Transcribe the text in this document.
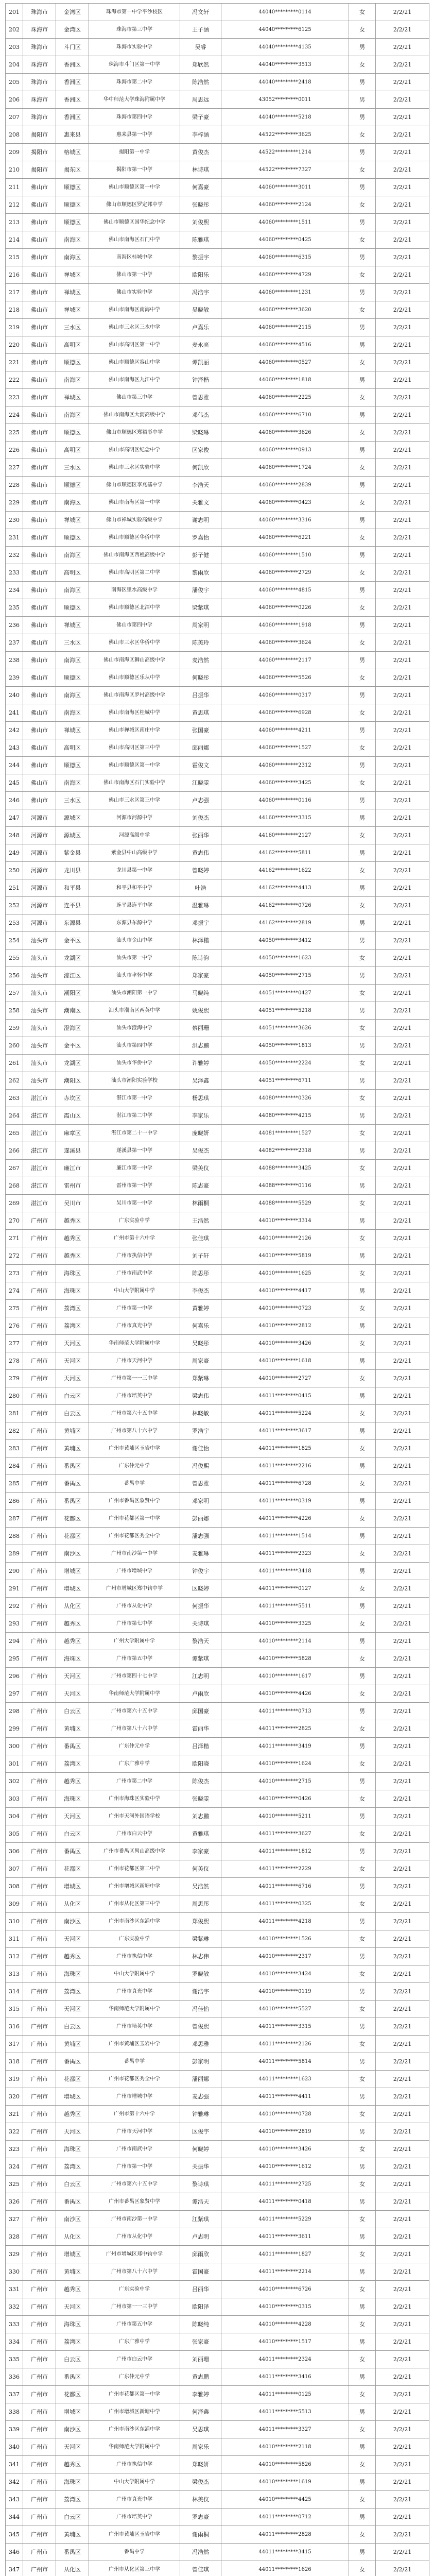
201	珠海市	金湾区	珠海市第一中学平沙校区	冯文轩	44040*********0114	女	2/2/21
202	珠海市	金湾区	珠海市第三中学	王子涵	44040*********6125	女	2/2/21
203	珠海市	斗门区	珠海市实验中学	吴睿	44040*********4135	男	2/2/21
204	珠海市	香洲区	珠海市斗门区第一中学	郑欣然	44040*********3513	女	2/2/21
205	珠海市	香洲区	珠海市第二中学	陈浩然	44040*********2418	男	2/2/21
206	珠海市	香洲区	华中师范大学珠海附属中学	周思远	43052*********0011	男	2/2/21
207	珠海市	香洲区	珠海市第四中学	梁子豪	44040*********5218	男	2/2/21
208	揭阳市	惠来县	惠来县第一中学	李梓涵	44522*********3625	女	2/2/21
209	揭阳市	榕城区	揭阳第一中学	黄俊杰	44522*********1214	男	2/2/21
210	揭阳市	揭东区	揭阳市第一中学	林诗琪	44522*********7327	女	2/2/21
211	佛山市	顺德区	佛山市顺德区第一中学	何嘉豪	44060*********3011	男	2/2/21
212	佛山市	顺德区	佛山市顺德区罗定邦中学	张晓彤	44060*********2124	女	2/2/21
213	佛山市	顺德区	佛山市顺德区国华纪念中学	刘俊熙	44060*********1511	男	2/2/21
214	佛山市	南海区	佛山市南海区石门中学	陈雅琪	44060*********0425	女	2/2/21
215	佛山市	南海区	南海区桂城中学	黎振宇	44060*********6315	男	2/2/21
216	佛山市	禅城区	佛山市第一中学	欧阳乐	44060*********4729	女	2/2/21
217	佛山市	禅城区	佛山市实验中学	冯浩宇	44060*********1231	男	2/2/21
218	佛山市	禅城区	佛山市南海区南海中学	吴晓敏	44060*********3620	女	2/2/21
219	佛山市	三水区	佛山市三水区三水中学	卢嘉乐	44060*********2115	男	2/2/21
220	佛山市	高明区	佛山市高明区第一中学	麦永亮	44060*********4516	男	2/2/21
221	佛山市	顺德区	佛山市顺德区容山中学	谭凯丽	44060*********0527	女	2/2/21
222	佛山市	南海区	佛山市南海区九江中学	钟泽楷	44060*********1818	男	2/2/21
223	佛山市	禅城区	佛山市第三中学	曾思雅	44060*********2225	女	2/2/21
224	佛山市	南海区	佛山市南海区大沥高级中学	邓伟杰	44060*********6710	男	2/2/21
225	佛山市	顺德区	佛山市顺德区郑裕彤中学	梁晓琳	44060*********3626	女	2/2/21
226	佛山市	高明区	佛山市高明区纪念中学	区家俊	44060*********0913	男	2/2/21
227	佛山市	三水区	佛山市三水区实验中学	何凯欣	44060*********1724	女	2/2/21
228	佛山市	顺德区	佛山市顺德区李兆基中学	李浩天	44060*********2839	男	2/2/21
229	佛山市	南海区	佛山市南海区第一中学	关雅文	44060*********0423	女	2/2/21
230	佛山市	禅城区	佛山市禅城实验高级中学	谢志明	44060*********3316	男	2/2/21
231	佛山市	顺德区	佛山市顺德区华侨中学	罗嘉怡	44060*********6221	女	2/2/21
232	佛山市	南海区	佛山市南海区西樵高级中学	彭子健	44060*********1510	男	2/2/21
233	佛山市	高明区	佛山市高明区第二中学	黎雨欣	44060*********2729	女	2/2/21
234	佛山市	南海区	南海区里水高级中学	潘俊宇	44060*********4815	男	2/2/21
235	佛山市	顺德区	佛山市顺德区北滘中学	梁紫琪	44060*********0226	女	2/2/21
236	佛山市	禅城区	佛山市第四中学	周家明	44060*********1918	男	2/2/21
237	佛山市	三水区	佛山市三水区华侨中学	陈美玲	44060*********3624	女	2/2/21
238	佛山市	南海区	佛山市南海区狮山高级中学	麦浩然	44060*********2117	男	2/2/21
239	佛山市	顺德区	佛山市顺德区乐从中学	何晓彤	44060*********5526	女	2/2/21
240	佛山市	南海区	佛山市南海区罗村高级中学	吕振华	44060*********0317	男	2/2/21
241	佛山市	南海区	佛山市南海区桂城中学	黄思琪	44060*********6928	女	2/2/21
242	佛山市	禅城区	佛山市禅城区南庄中学	张国豪	44060*********4211	男	2/2/21
243	佛山市	高明区	佛山市高明区第三中学	邱丽娜	44060*********1527	女	2/2/21
244	佛山市	顺德区	佛山市顺德区第一中学	霍俊文	44060*********2312	男	2/2/21
245	佛山市	南海区	佛山市南海区石门实验中学	江晓雯	44060*********3425	女	2/2/21
246	佛山市	三水区	佛山市三水区第三中学	卢志强	44060*********0116	男	2/2/21
247	河源市	源城区	河源市河源中学	刘俊杰	44160*********3315	男	2/2/21
248	河源市	源城区	河源高级中学	张丽华	44160*********2127	女	2/2/21
249	河源市	紫金县	紫金县中山高级中学	黄志伟	44162*********5811	男	2/2/21
250	河源市	龙川县	龙川县第一中学	曾晓婷	44162*********1622	女	2/2/21
251	河源市	和平县	和平县和平中学	叶浩	44162*********4413	男	2/2/21
252	河源市	连平县	连平县连平中学	温雅琳	44162*********0726	女	2/2/21
253	河源市	东源县	东源县东源中学	邓振宇	44162*********2819	男	2/2/21
254	汕头市	金平区	汕头市金山中学	林泽楷	44050*********3412	男	2/2/21
255	汕头市	龙湖区	汕头市第一中学	陈诗韵	44050*********1623	女	2/2/21
256	汕头市	濠江区	汕头市聿怀中学	郑家豪	44050*********2715	男	2/2/21
257	汕头市	潮阳区	汕头市潮阳第一中学	马晓纯	44051*********0427	女	2/2/21
258	汕头市	潮南区	汕头市潮南区两英中学	姚俊熙	44051*********5218	男	2/2/21
259	汕头市	澄海区	汕头市澄海中学	蔡丽珊	44051*********3626	女	2/2/21
260	汕头市	金平区	汕头市第四中学	洪志鹏	44050*********1813	男	2/2/21
261	汕头市	龙湖区	汕头市华侨中学	许雅婷	44050*********2224	女	2/2/21
262	汕头市	潮阳区	汕头市潮阳实验学校	吴泽鑫	44051*********6711	男	2/2/21
263	湛江市	赤坎区	湛江市第一中学	杨思琪	44080*********0326	女	2/2/21
264	湛江市	霞山区	湛江市第二中学	李家乐	44080*********4215	男	2/2/21
265	湛江市	麻章区	湛江市第二十一中学	庞晓妍	44081*********1527	女	2/2/21
266	湛江市	遂溪县	遂溪县第一中学	吴俊杰	44082*********2318	男	2/2/21
267	湛江市	廉江市	廉江市第一中学	梁美仪	44088*********3425	女	2/2/21
268	湛江市	雷州市	雷州市第一中学	陈志豪	44088*********0116	男	2/2/21
269	湛江市	吴川市	吴川市第一中学	林雨桐	44088*********5529	女	2/2/21
270	广州市	越秀区	广东实验中学	王浩然	44010*********3314	男	2/2/21
271	广州市	越秀区	广州市第十六中学	张佳琪	44010*********2126	女	2/2/21
272	广州市	越秀区	广州市执信中学	刘子轩	44010*********5819	男	2/2/21
273	广州市	海珠区	广州市南武中学	陈思彤	44010*********1625	女	2/2/21
274	广州市	海珠区	中山大学附属中学	李俊杰	44010*********4417	男	2/2/21
275	广州市	荔湾区	广州市第一中学	黄雅婷	44010*********0723	女	2/2/21
276	广州市	荔湾区	广州市真光中学	何嘉乐	44010*********2812	男	2/2/21
277	广州市	天河区	华南师范大学附属中学	吴晓彤	44010*********3426	女	2/2/21
278	广州市	天河区	广州市天河中学	周家豪	44010*********1618	男	2/2/21
279	广州市	天河区	广州市第一一三中学	郑紫琳	44010*********2727	女	2/2/21
280	广州市	白云区	广州市培英中学	梁志伟	44011*********0415	男	2/2/21
281	广州市	白云区	广州市第六十五中学	林晓敏	44011*********5224	女	2/2/21
282	广州市	黄埔区	广州市第八十六中学	罗浩宇	44011*********3617	男	2/2/21
283	广州市	黄埔区	广州市黄埔区玉岩中学	谢佳怡	44011*********1825	女	2/2/21
284	广州市	番禺区	广东仲元中学	冯俊熙	44011*********2216	男	2/2/21
285	广州市	番禺区	番禺中学	曾思雅	44011*********6728	女	2/2/21
286	广州市	番禺区	广州市番禺区象贤中学	邓家明	44011*********0319	男	2/2/21
287	广州市	花都区	广州市花都区第一中学	彭丽娜	44011*********4226	女	2/2/21
288	广州市	花都区	广州市花都区秀全中学	潘志强	44011*********1514	男	2/2/21
289	广州市	南沙区	广州市南沙第一中学	麦雅琳	44011*********2323	女	2/2/21
290	广州市	增城区	广州市增城中学	钟俊宇	44011*********3418	男	2/2/21
291	广州市	增城区	广州市增城区郑中钧中学	区晓婷	44011*********0127	女	2/2/21
292	广州市	从化区	广州市从化中学	何振华	44011*********5511	男	2/2/21
293	广州市	越秀区	广州市第七中学	关诗琪	44010*********3325	女	2/2/21
294	广州市	越秀区	广州大学附属中学	黎浩天	44010*********2114	男	2/2/21
295	广州市	海珠区	广州市第五中学	谭紫琪	44010*********5828	女	2/2/21
296	广州市	天河区	广州市第四十七中学	江志明	44010*********1617	男	2/2/21
297	广州市	天河区	华南师范大学附属中学	卢雨欣	44010*********4426	女	2/2/21
298	广州市	白云区	广州市第六十五中学	邱国豪	44011*********0713	男	2/2/21
299	广州市	黄埔区	广州市第八十六中学	霍丽华	44011*********2825	女	2/2/21
300	广州市	番禺区	广东仲元中学	吕泽楷	44011*********3419	男	2/2/21
301	广州市	荔湾区	广东广雅中学	欧阳晓	44010*********1624	女	2/2/21
302	广州市	越秀区	广州市第二中学	陈俊杰	44010*********2715	男	2/2/21
303	广州市	海珠区	广州市海珠区实验中学	张晓雯	44010*********0426	女	2/2/21
304	广州市	天河区	广州市天河外国语学校	刘志鹏	44010*********5211	男	2/2/21
305	广州市	白云区	广州市白云中学	黄雅琪	44011*********3627	女	2/2/21
306	广州市	番禺区	广州市番禺区禺山高级中学	李家豪	44011*********1812	男	2/2/21
307	广州市	花都区	广州市花都区第二中学	何美仪	44011*********2229	女	2/2/21
308	广州市	增城区	广州市增城区新塘中学	吴浩然	44011*********6716	男	2/2/21
309	广州市	从化区	广州市从化区第三中学	周思彤	44011*********0325	女	2/2/21
310	广州市	南沙区	广州市南沙区东涌中学	郑俊熙	44011*********4218	男	2/2/21
311	广州市	天河区	广东实验中学	梁紫琳	44010*********1526	女	2/2/21
312	广州市	越秀区	广州市执信中学	林志伟	44010*********2317	男	2/2/21
313	广州市	海珠区	中山大学附属中学	罗晓敏	44010*********3424	女	2/2/21
314	广州市	荔湾区	广州市真光中学	谢浩宇	44010*********0119	男	2/2/21
315	广州市	天河区	华南师范大学附属中学	冯佳怡	44010*********5527	女	2/2/21
316	广州市	白云区	广州市培英中学	曾俊熙	44011*********3315	男	2/2/21
317	广州市	黄埔区	广州市黄埔区玉岩中学	邓思雅	44011*********2126	女	2/2/21
318	广州市	番禺区	番禺中学	彭家明	44011*********5814	男	2/2/21
319	广州市	花都区	广州市花都区秀全中学	潘丽娜	44011*********1623	女	2/2/21
320	广州市	增城区	广州市增城中学	麦志强	44011*********4411	男	2/2/21
321	广州市	越秀区	广州市第十六中学	钟雅琳	44010*********0728	女	2/2/21
322	广州市	天河区	广州市天河中学	区俊宇	44010*********2819	男	2/2/21
323	广州市	海珠区	广州市南武中学	何晓婷	44010*********3426	女	2/2/21
324	广州市	荔湾区	广州市第一中学	关振华	44010*********1612	男	2/2/21
325	广州市	白云区	广州市第六十五中学	黎诗琪	44011*********2725	女	2/2/21
326	广州市	番禺区	广州市番禺区象贤中学	谭浩天	44011*********0418	男	2/2/21
327	广州市	南沙区	广州市南沙第一中学	江紫琪	44011*********5229	女	2/2/21
328	广州市	从化区	广州市从化中学	卢志明	44011*********3611	男	2/2/21
329	广州市	增城区	广州市增城区郑中钧中学	邱雨欣	44011*********1827	女	2/2/21
330	广州市	黄埔区	广州市第八十六中学	霍国豪	44011*********2214	男	2/2/21
331	广州市	越秀区	广东实验中学	吕丽华	44010*********6726	女	2/2/21
332	广州市	天河区	广州市第一一三中学	欧阳泽	44010*********0315	男	2/2/21
333	广州市	海珠区	广州市第五中学	陈晓纯	44010*********4228	女	2/2/21
334	广州市	荔湾区	广东广雅中学	张家豪	44010*********1517	男	2/2/21
335	广州市	白云区	广州市白云中学	刘丽珊	44011*********2324	女	2/2/21
336	广州市	番禺区	广东仲元中学	黄志鹏	44011*********3416	男	2/2/21
337	广州市	花都区	广州市花都区第一中学	李雅婷	44011*********0125	女	2/2/21
338	广州市	增城区	广州市增城区新塘中学	何泽鑫	44011*********5513	男	2/2/21
339	广州市	南沙区	广州市南沙区东涌中学	吴思琪	44011*********3327	女	2/2/21
340	广州市	天河区	华南师范大学附属中学	周家乐	44010*********2118	男	2/2/21
341	广州市	越秀区	广州市执信中学	郑晓妍	44010*********5826	女	2/2/21
342	广州市	海珠区	中山大学附属中学	梁俊杰	44010*********1619	男	2/2/21
343	广州市	荔湾区	广州市真光中学	林美仪	44010*********4425	女	2/2/21
344	广州市	白云区	广州市培英中学	罗志豪	44011*********0712	男	2/2/21
345	广州市	黄埔区	广州市黄埔区玉岩中学	谢雨桐	44011*********2828	女	2/2/21
346	广州市	番禺区	番禺中学	冯浩然	44011*********3415	男	2/2/21
347	广州市	从化区	广州市从化区第三中学	曾佳琪	44011*********1626	女	2/2/21
